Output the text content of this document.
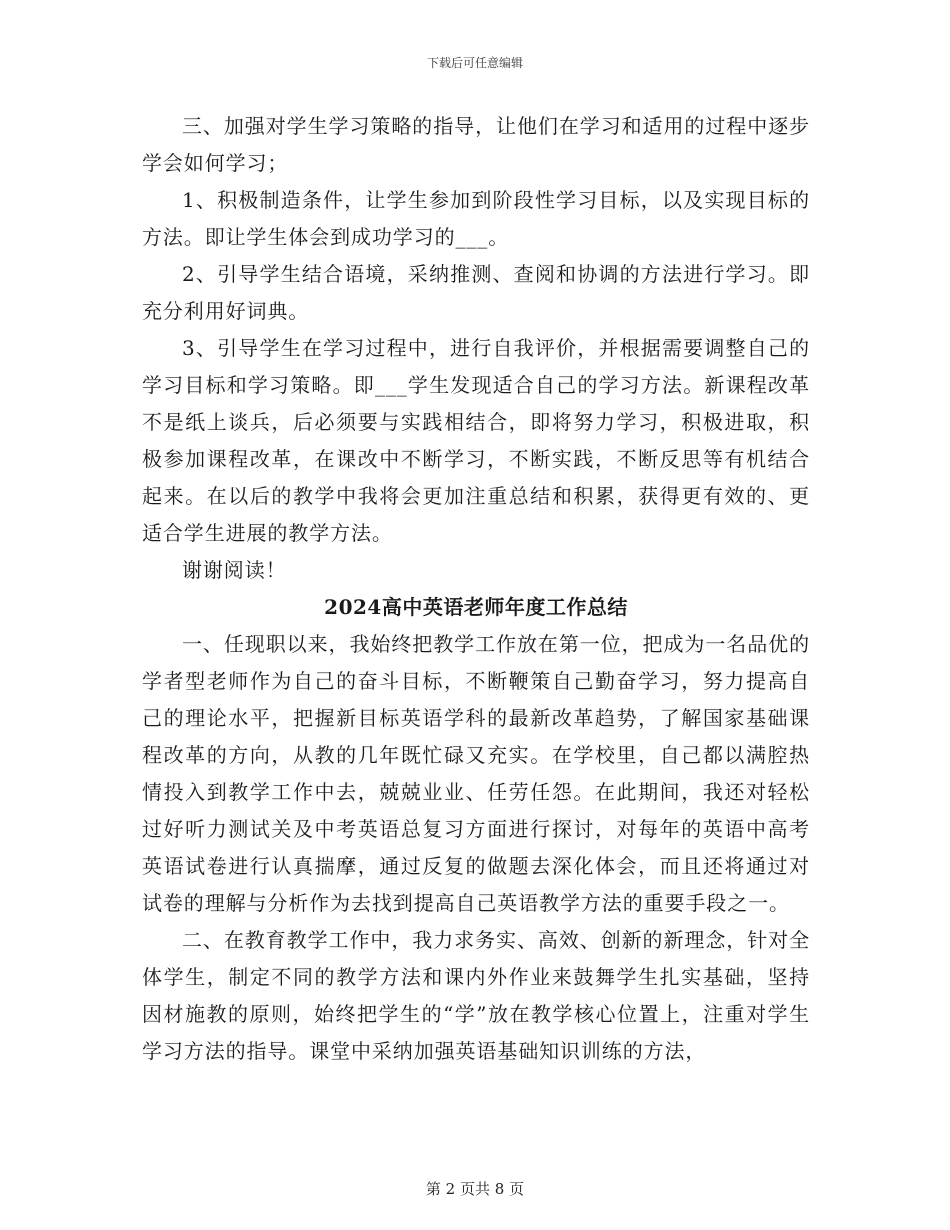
下载后可任意编辑

三、加强对学生学习策略的指导，让他们在学习和适用的过程中逐步学会如何学习；

1、积极制造条件，让学生参加到阶段性学习目标，以及实现目标的方法。即让学生体会到成功学习的___。

2、引导学生结合语境，采纳推测、查阅和协调的方法进行学习。即充分利用好词典。

3、引导学生在学习过程中，进行自我评价，并根据需要调整自己的学习目标和学习策略。即___学生发现适合自己的学习方法。新课程改革不是纸上谈兵，后必须要与实践相结合，即将努力学习，积极进取，积极参加课程改革，在课改中不断学习，不断实践，不断反思等有机结合起来。在以后的教学中我将会更加注重总结和积累，获得更有效的、更适合学生进展的教学方法。

谢谢阅读！

2024高中英语老师年度工作总结

一、任现职以来，我始终把教学工作放在第一位，把成为一名品优的学者型老师作为自己的奋斗目标，不断鞭策自己勤奋学习，努力提高自己的理论水平，把握新目标英语学科的最新改革趋势，了解国家基础课程改革的方向，从教的几年既忙碌又充实。在学校里，自己都以满腔热情投入到教学工作中去，兢兢业业、任劳任怨。在此期间，我还对轻松过好听力测试关及中考英语总复习方面进行探讨，对每年的英语中高考英语试卷进行认真揣摩，通过反复的做题去深化体会，而且还将通过对试卷的理解与分析作为去找到提高自己英语教学方法的重要手段之一。

二、在教育教学工作中，我力求务实、高效、创新的新理念，针对全体学生，制定不同的教学方法和课内外作业来鼓舞学生扎实基础，坚持因材施教的原则，始终把学生的“学”放在教学核心位置上，注重对学生学习方法的指导。课堂中采纳加强英语基础知识训练的方法，

第 2 页共 8 页
